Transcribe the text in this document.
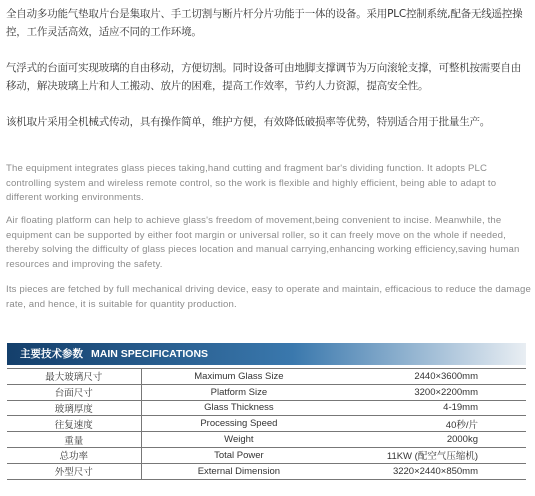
全自动多功能气垫取片台是集取片、手工切割与断片杆分片功能于一体的设备。采用PLC控制系统,配备无线遥控操控，工作灵活高效，适应不同的工作环境。

气浮式的台面可实现玻璃的自由移动，方便切割。同时设备可由地脚支撑调节为万向滚轮支撑，可整机按需要自由移动，解决玻璃上片和人工搬动、放片的困难，提高工作效率，节约人力资源，提高安全性。

该机取片采用全机械式传动，具有操作简单，维护方便，有效降低破损率等优势，特别适合用于批量生产。

The equipment integrates glass pieces taking,hand cutting and fragment bar's dividing function. It adopts PLC controlling system and wireless remote control, so the work is flexible and highly efficient, being able to adapt to different working environments.

Air floating platform can help to achieve glass's freedom of movement,being convenient to incise. Meanwhile, the equipment can be supported by either foot margin or universal roller, so it can freely move on the whole if needed, thereby solving the difficulty of glass pieces location and manual carrying,enhancing working efficiency,saving human resources and improving the safety.

Its pieces are fetched by full mechanical driving device, easy to operate and maintain, efficacious to reduce the damage rate, and hence, it is suitable for quantity production.

主要技术参数 MAIN SPECIFICATIONS
最大玻璃尺寸	Maximum Glass Size	2440×3600mm
台面尺寸	Platform Size	3200×2200mm
玻璃厚度	Glass Thickness	4-19mm
往复速度	Processing Speed	40秒/片
重量	Weight	2000kg
总功率	Total Power	11KW (配空气压缩机)
外型尺寸	External Dimension	3220×2440×850mm
